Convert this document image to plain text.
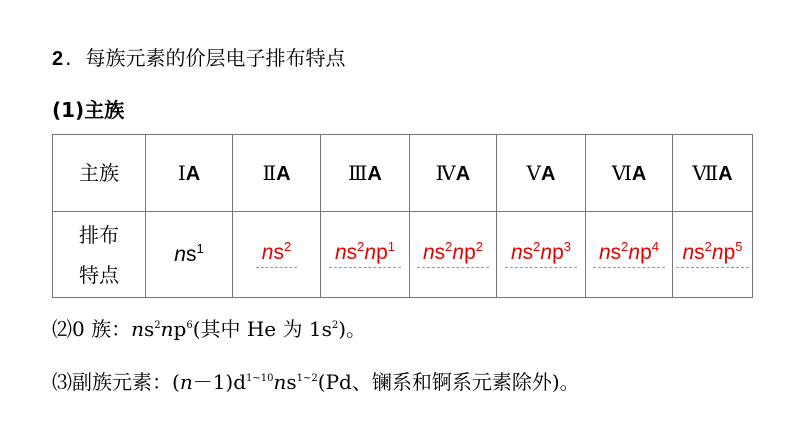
2 . 每族元素的价层电子排布特点
(1)主族
主族	ⅠA	ⅡA	ⅢA	ⅣA	ⅤA	ⅥA	ⅦA

排布
特点	$ns^1$	$ns^2$	$ns^2np^1$	$ns^2np^2$	$ns^2np^3$	$ns^2np^4$	$ns^2np^5$
⑵0 族：$ns^2np^6$(其中 He 为 $1s^2$)。
⑶副族元素：$(n-1)d^{1\sim 10}ns^{1\sim 2}(Pd$、镧系和锕系元素除外)。
